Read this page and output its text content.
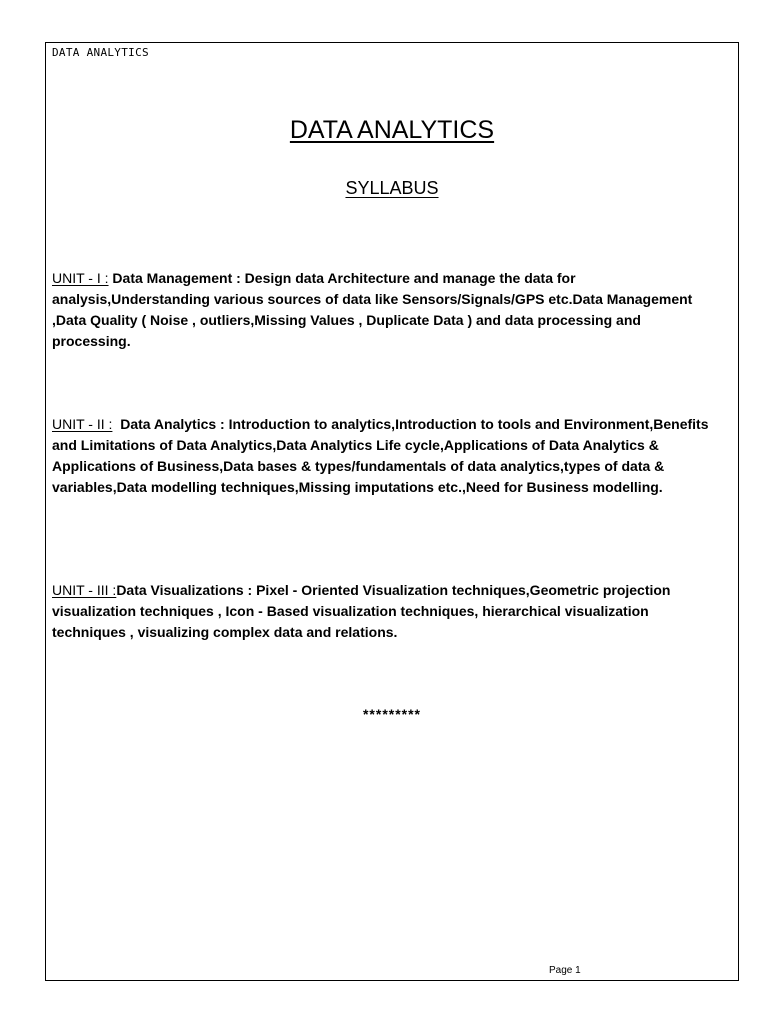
DATA ANALYTICS
DATA ANALYTICS
SYLLABUS
UNIT - I : Data Management : Design data Architecture and manage the data for analysis,Understanding various sources of data like Sensors/Signals/GPS etc.Data Management ,Data Quality ( Noise , outliers,Missing Values , Duplicate Data ) and data processing and processing.
UNIT - II : Data Analytics : Introduction to analytics,Introduction to tools and Environment,Benefits and Limitations of Data Analytics,Data Analytics Life cycle,Applications of Data Analytics & Applications of Business,Data bases & types/fundamentals of data analytics,types of data & variables,Data modelling techniques,Missing imputations etc.,Need for Business modelling.
UNIT - III :Data Visualizations : Pixel - Oriented Visualization techniques,Geometric projection visualization techniques , Icon - Based visualization techniques, hierarchical visualization techniques , visualizing complex data and relations.
*********
Page 1
